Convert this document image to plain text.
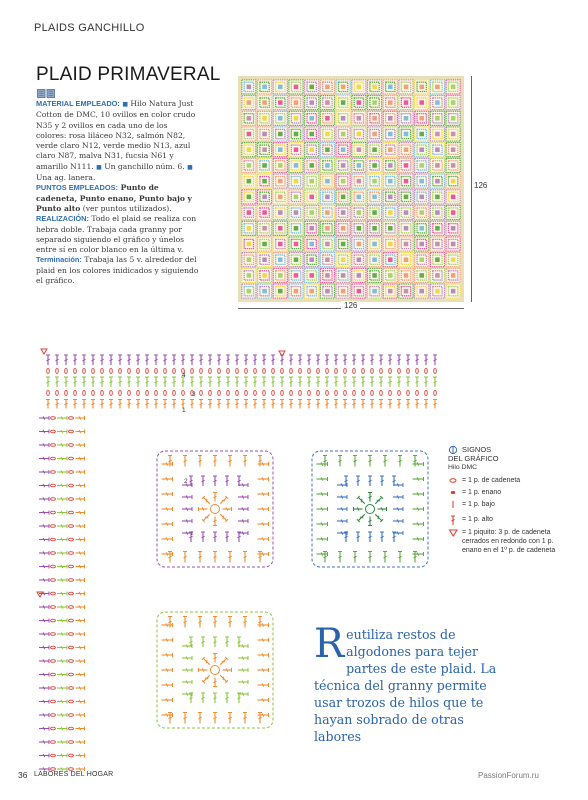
PLAIDS GANCHILLO
PLAID PRIMAVERAL

MATERIAL EMPLEADO: ■ Hilo Natura Just Cotton de DMC, 10 ovillos en color crudo N35 y 2 ovillos en cada uno de los colores: rosa liláceo N32, salmón N82, verde claro N12, verde medio N13, azul claro N87, malva N31, fucsia N61 y amarillo N111. ■ Un ganchillo núm. 6. ■ Una ag. lanera.

PUNTOS EMPLEADOS: Punto de cadeneta, Punto enano, Punto bajo y Punto alto (ver puntos utilizados).

REALIZACIÓN: Todo el plaid se realiza con hebra doble. Trabaja cada granny por separado siguiendo el gráfico y únelos entre sí en color blanco en la última v. Terminación: Trabaja las 5 v. alrededor del plaid en los colores inidicados y siguiendo el gráfico.

126
126
1
2
3
4
SIGNOS
DEL GRÁFICO
Hilo DMC
= 1 p. de cadeneta
= 1 p. enano
= 1 p. bajo
= 1 p. alto
= 1 piquito: 3 p. de cadeneta cerrados en redondo con 1 p. enano en el 1º p. de cadeneta
Reutiliza restos de algodones para tejer partes de este plaid. La técnica del granny permite usar trozos de hilos que te hayan sobrado de otras labores
36 LABORES DEL HOGAR	PassionForum.ru
